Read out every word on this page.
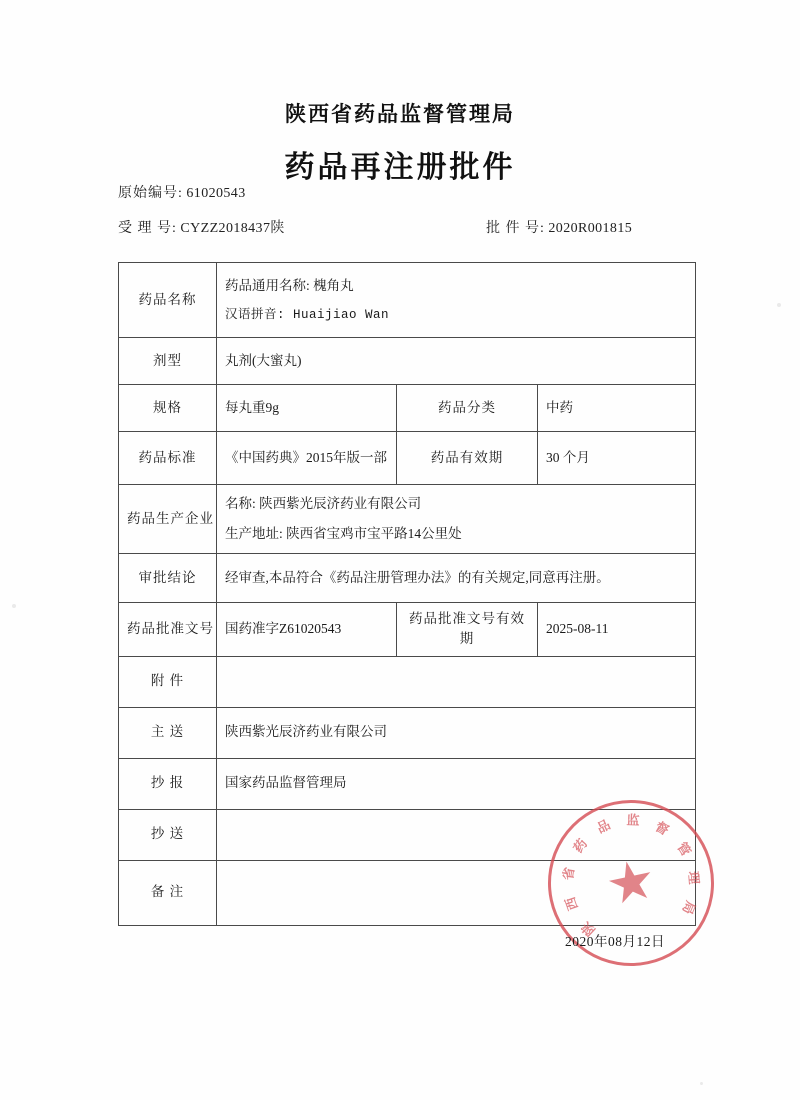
陕西省药品监督管理局
药品再注册批件
原始编号: 61020543
受 理 号: CYZZ2018437陕	批 件 号: 2020R001815
药品名称	药品通用名称: 槐角丸
汉语拼音: Huaijiao Wan		

剂型	丸剂(大蜜丸)		
规格	每丸重9g	药品分类	中药
药品标准	《中国药典》2015年版一部	药品有效期	30 个月
药品生产企业	名称: 陕西紫光辰济药业有限公司
生产地址: 陕西省宝鸡市宝平路14公里处		

审批结论	经审查,本品符合《药品注册管理办法》的有关规定,同意再注册。		
药品批准文号	国药准字Z61020543	药品批准文号有效期	2025-08-11
附 件			
主 送	陕西紫光辰济药业有限公司		
抄 报	国家药品监督管理局		
抄 送			
备 注			
陕
西
省
药
品 监 督
管
理
局
2020年08月12日
